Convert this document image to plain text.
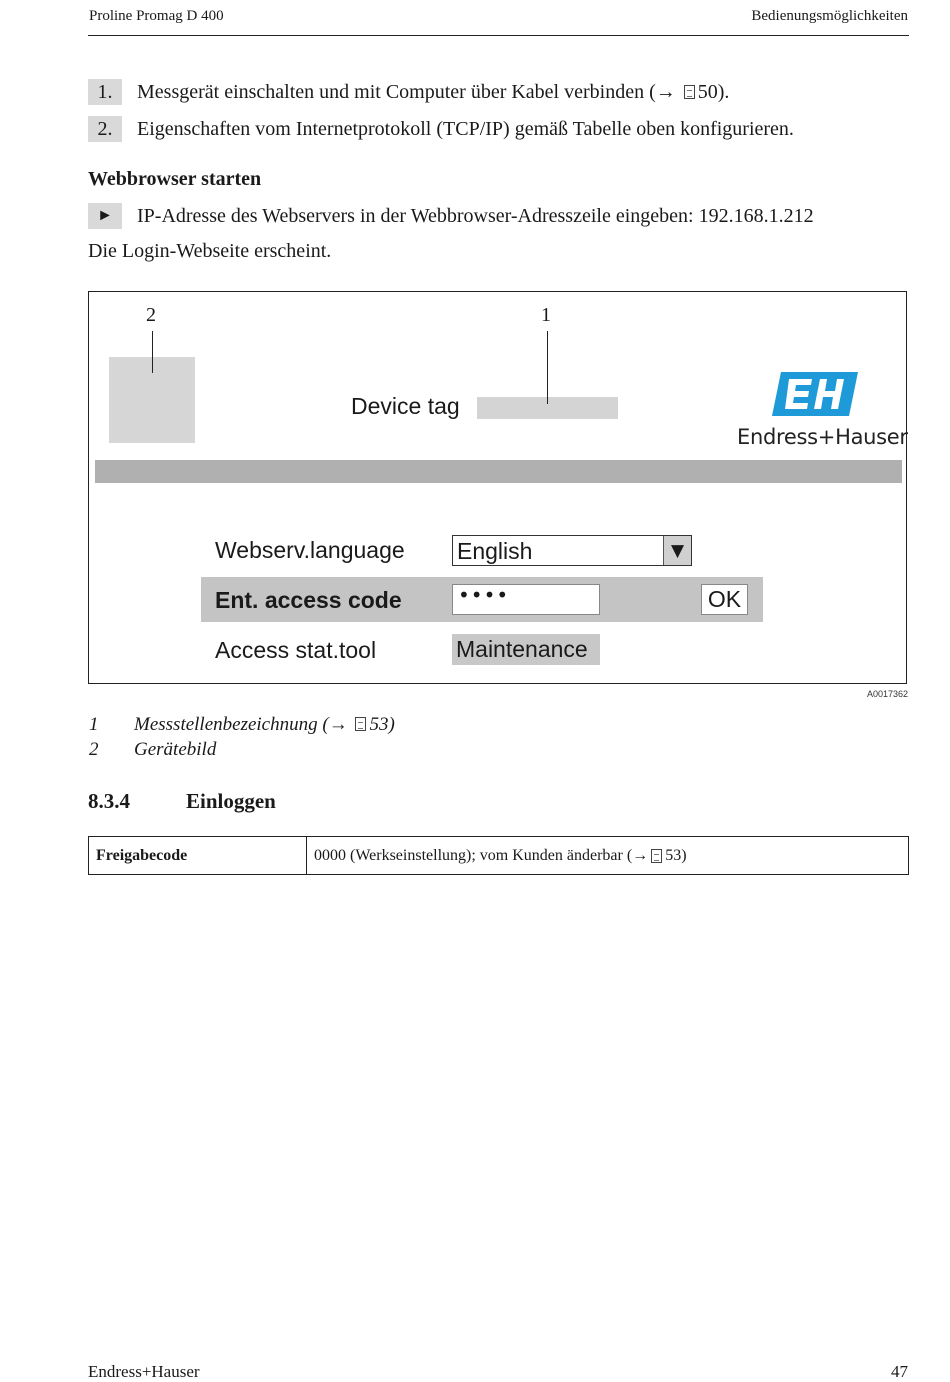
Proline Promag D 400	Bedienungsmöglichkeiten
1.	Messgerät einschalten und mit Computer über Kabel verbinden (→ 50).
2.	Eigenschaften vom Internetprotokoll (TCP/IP) gemäß Tabelle oben konfigurieren.
Webbrowser starten
►	IP-Adresse des Webservers in der Webbrowser-Adresszeile eingeben: 192.168.1.212
Die Login-Webseite erscheint.
2	1
Device tag
Endress+Hauser
Webserv.language English	▼
Ent. access code	••••	OK
Access stat.tool	Maintenance
A0017362
1 Messstellenbezeichnung (→ 53)
2 Gerätebild
8.3.4	Einloggen
Freigabecode	0000 (Werkseinstellung); vom Kunden änderbar (→ 53)
Endress+Hauser	47
